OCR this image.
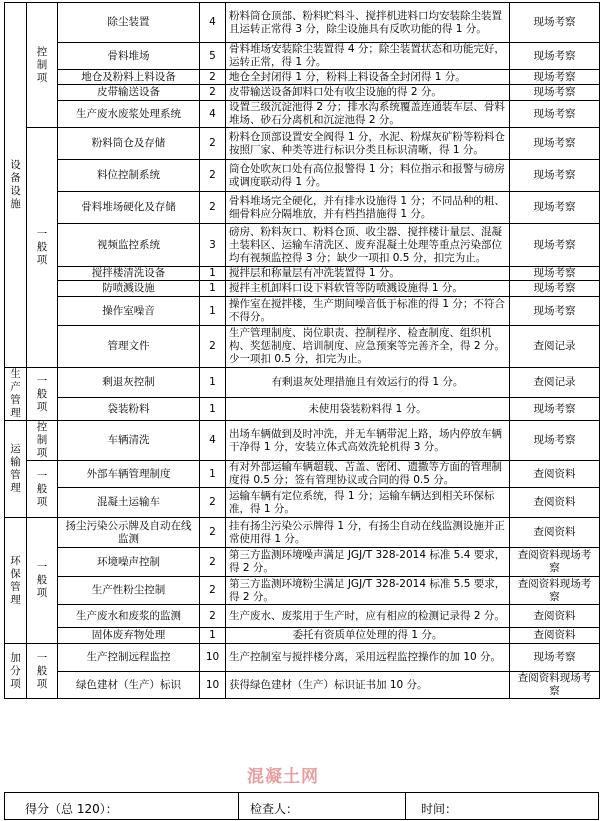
设备设施	控制项	除尘装置	4	粉料筒仓顶部、粉料贮料斗、搅拌机进料口均安装除尘装置且运转正常得 3 分，除尘设施具有反吹功能的得 1 分。	现场考察
		骨料堆场	5	骨料堆场安装除尘装置得 4 分；除尘装置状态和功能完好，运转正常，得 1 分。	现场考察
		地仓及粉料上料设备	2	地仓全封闭得 1 分，粉料上料设备全封闭得 1 分。	现场考察
		皮带输送设备	2	皮带输送设备卸料口处有收尘设施的得 2 分。	现场考察
		生产废水废浆处理系统	4	设置三级沉淀池得 2 分；排水沟系统覆盖连通装车层、骨料堆场、砂石分离机和沉淀池得 2 分。	现场考察
	一般项	粉料筒仓及存储	2	粉料仓顶部设置安全阀得 1 分，水泥、粉煤灰矿粉等粉料仓按照厂家、种类等进行标识分类且标识清晰，得 1 分。	现场考察
		料位控制系统	2	筒仓处吹灰口处有高位报警得 1 分；料位指示和报警与磅房或调度联动得 1 分。	现场考察
		骨料堆场硬化及存储	2	骨料堆场完全硬化，并有排水设施得 1 分；不同品种的粗、细骨料应分隔堆放，并有档挡措施得 1 分。	现场考察
		视频监控系统	3	磅房、粉料灰口、粉料仓顶、收尘器、搅拌楼计量层、混凝土装料区、运输车清洗区、废弃混凝土处理等重点污染部位均有视频监控得 3 分；缺少一项扣 0.5 分，扣完为止。	现场考察
		搅拌楼清洗设备	1	搅拌层和称量层有冲洗装置得 1 分。	现场考察
		防喷溅设施	1	搅拌主机卸料口设下料软管等防喷溅设施得 1 分。	现场考察
		操作室噪音	1	操作室在搅拌楼，生产期间噪音低于标准的得 1 分；不符合不得分。	现场考察
		管理文件	2	生产管理制度、岗位职责、控制程序、检查制度、组织机构、奖惩制度、培训制度、应急预案等完善齐全，得 2 分。少一项扣 0.5 分，扣完为止。	查阅记录
生产管理	一般项	剩退灰控制	1	有剩退灰处理措施且有效运行的得 1 分。	查阅记录
		袋装粉料	1	未使用袋装粉料得 1 分。	现场考察
运输管理	控制项	车辆清洗	4	出场车辆做到及时冲洗，并无车辆带泥上路，场内停放车辆干净得 1 分，安装立体式高效洗轮机得 3 分。	现场考察
	一般项	外部车辆管理制度	1	有对外部运输车辆超载、苫盖、密闭、遗撒等方面的管理制度得 0.5 分；签有管理协议或合同的得 0.5 分。	查阅资料
		混凝土运输车	2	运输车辆有定位系统，得 1 分；运输车辆达到相关环保标准，得 1 分。	查阅资料
环保管理	一般项	扬尘污染公示牌及自动在线监测	2	挂有扬尘污染公示牌得 1 分，有扬尘自动在线监测设施并正常使用得 1 分。	查阅资料
		环境噪声控制	2	第三方监测环境噪声满足 JGJ/T 328-2014 标准 5.4 要求，得 2 分。	查阅资料现场考察
		生产性粉尘控制	2	第三方监测环境粉尘满足 JGJ/T 328-2014 标准 5.5 要求，得 2 分。	查阅资料现场考察
		生产废水和废浆的监测	2	生产废水、废浆用于生产时，应有相应的检测记录得 2 分。	查阅资料
		固体废弃物处理	1	委托有资质单位处理的得 1 分。	查阅资料
加分项	一般项	生产控制远程监控	10	生产控制室与搅拌楼分离，采用远程监控操作的加 10 分。	现场考察
		绿色建材（生产）标识	10	获得绿色建材（生产）标识证书加 10 分。	查阅资料现场考察
得分（总 120）：	检查人：	时间：
混凝土网
